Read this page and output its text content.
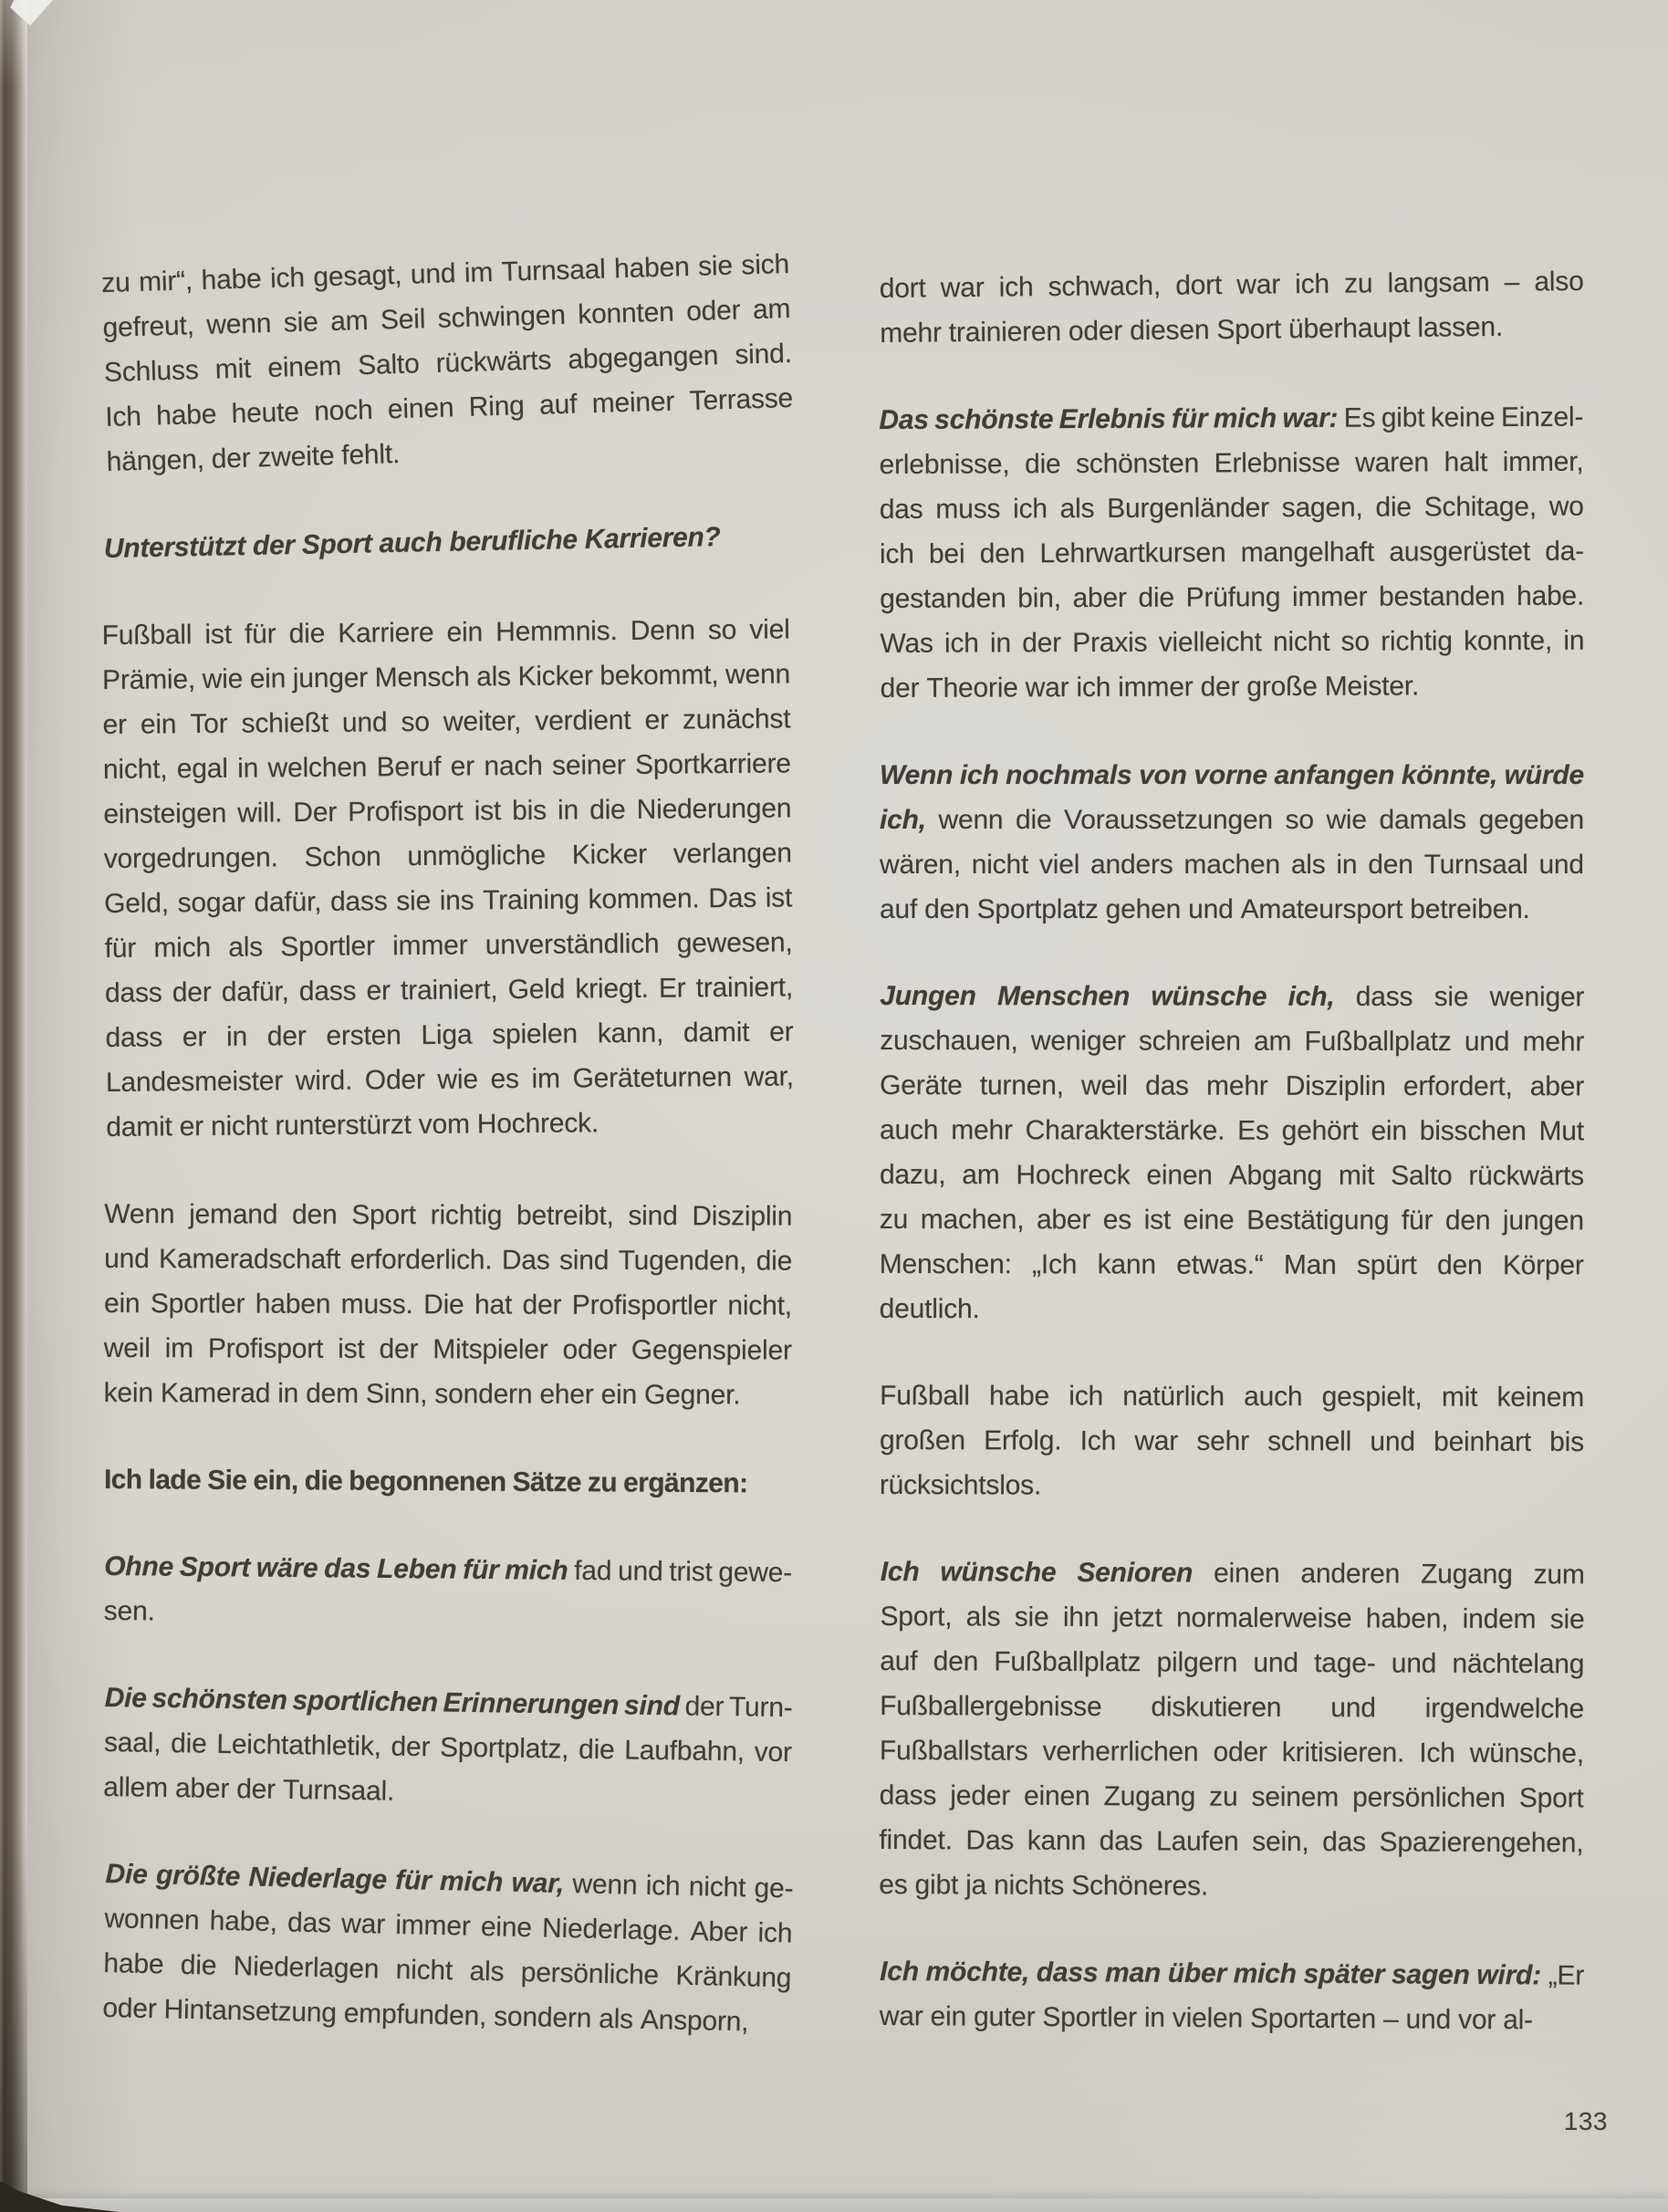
zu mir“, habe ich gesagt, und im Turnsaal haben sie sich
gefreut, wenn sie am Seil schwingen konnten oder am
Schluss mit einem Salto rückwärts abgegangen sind.
Ich habe heute noch einen Ring auf meiner Terrasse
hängen, der zweite fehlt.
Unterstützt der Sport auch berufliche Karrieren?
Fußball ist für die Karriere ein Hemmnis. Denn so viel
Prämie, wie ein junger Mensch als Kicker bekommt, wenn
er ein Tor schießt und so weiter, verdient er zunächst
nicht, egal in welchen Beruf er nach seiner Sportkarriere
einsteigen will. Der Profisport ist bis in die Niederungen
vorgedrungen. Schon unmögliche Kicker verlangen
Geld, sogar dafür, dass sie ins Training kommen. Das ist
für mich als Sportler immer unverständlich gewesen,
dass der dafür, dass er trainiert, Geld kriegt. Er trainiert,
dass er in der ersten Liga spielen kann, damit er
Landesmeister wird. Oder wie es im Geräteturnen war,
damit er nicht runterstürzt vom Hochreck.
Wenn jemand den Sport richtig betreibt, sind Disziplin
und Kameradschaft erforderlich. Das sind Tugenden, die
ein Sportler haben muss. Die hat der Profisportler nicht,
weil im Profisport ist der Mitspieler oder Gegenspieler
kein Kamerad in dem Sinn, sondern eher ein Gegner.
Ich lade Sie ein, die begonnenen Sätze zu ergänzen:
Ohne Sport wäre das Leben für mich fad und trist gewe-
sen.
Die schönsten sportlichen Erinnerungen sind der Turn-
saal, die Leichtathletik, der Sportplatz, die Laufbahn, vor
allem aber der Turnsaal.
Die größte Niederlage für mich war, wenn ich nicht ge-
wonnen habe, das war immer eine Niederlage. Aber ich
habe die Niederlagen nicht als persönliche Kränkung
oder Hintansetzung empfunden, sondern als Ansporn,
dort war ich schwach, dort war ich zu langsam – also
mehr trainieren oder diesen Sport überhaupt lassen.
Das schönste Erlebnis für mich war: Es gibt keine Einzel-
erlebnisse, die schönsten Erlebnisse waren halt immer,
das muss ich als Burgenländer sagen, die Schitage, wo
ich bei den Lehrwartkursen mangelhaft ausgerüstet da-
gestanden bin, aber die Prüfung immer bestanden habe.
Was ich in der Praxis vielleicht nicht so richtig konnte, in
der Theorie war ich immer der große Meister.
Wenn ich nochmals von vorne anfangen könnte, würde
ich, wenn die Voraussetzungen so wie damals gegeben
wären, nicht viel anders machen als in den Turnsaal und
auf den Sportplatz gehen und Amateursport betreiben.
Jungen Menschen wünsche ich, dass sie weniger
zuschauen, weniger schreien am Fußballplatz und mehr
Geräte turnen, weil das mehr Disziplin erfordert, aber
auch mehr Charakterstärke. Es gehört ein bisschen Mut
dazu, am Hochreck einen Abgang mit Salto rückwärts
zu machen, aber es ist eine Bestätigung für den jungen
Menschen: „Ich kann etwas.“ Man spürt den Körper
deutlich.
Fußball habe ich natürlich auch gespielt, mit keinem
großen Erfolg. Ich war sehr schnell und beinhart bis
rücksichtslos.
Ich wünsche Senioren einen anderen Zugang zum
Sport, als sie ihn jetzt normalerweise haben, indem sie
auf den Fußballplatz pilgern und tage- und nächtelang
Fußballergebnisse diskutieren und irgendwelche
Fußballstars verherrlichen oder kritisieren. Ich wünsche,
dass jeder einen Zugang zu seinem persönlichen Sport
findet. Das kann das Laufen sein, das Spazierengehen,
es gibt ja nichts Schöneres.
Ich möchte, dass man über mich später sagen wird: „Er
war ein guter Sportler in vielen Sportarten – und vor al-
133
